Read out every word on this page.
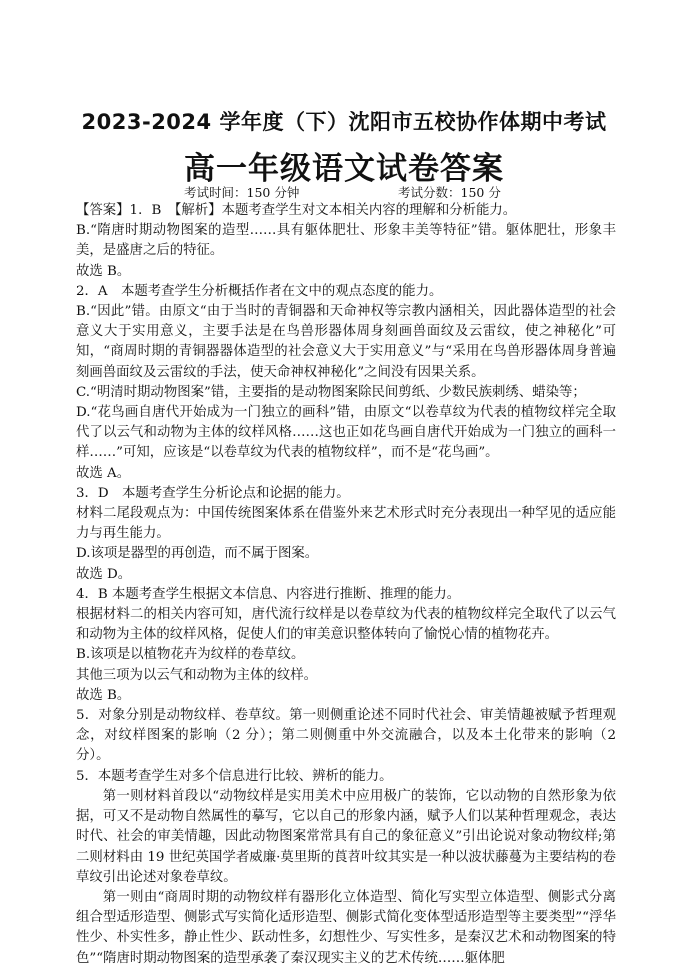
2023-2024 学年度（下）沈阳市五校协作体期中考试
高一年级语文试卷答案
考试时间：150 分钟	考试分数：150 分

【答案】1．B　【解析】本题考查学生对文本相关内容的理解和分析能力。

B.“隋唐时期动物图案的造型……具有躯体肥壮、形象丰美等特征”错。躯体肥壮，形象丰美，是盛唐之后的特征。

故选 B。

2．A　本题考查学生分析概括作者在文中的观点态度的能力。

B.“因此”错。由原文“由于当时的青铜器和天命神权等宗教内涵相关，因此器体造型的社会意义大于实用意义，主要手法是在鸟兽形器体周身刻画兽面纹及云雷纹，使之神秘化”可知，“商周时期的青铜器器体造型的社会意义大于实用意义”与“采用在鸟兽形器体周身普遍刻画兽面纹及云雷纹的手法，使天命神权神秘化”之间没有因果关系。

C.“明清时期动物图案”错，主要指的是动物图案除民间剪纸、少数民族刺绣、蜡染等；

D.“花鸟画自唐代开始成为一门独立的画科”错，由原文“以卷草纹为代表的植物纹样完全取代了以云气和动物为主体的纹样风格……这也正如花鸟画自唐代开始成为一门独立的画科一样……”可知，应该是“以卷草纹为代表的植物纹样”，而不是“花鸟画”。

故选 A。

3．D　本题考查学生分析论点和论据的能力。

材料二尾段观点为：中国传统图案体系在借鉴外来艺术形式时充分表现出一种罕见的适应能力与再生能力。

D.该项是器型的再创造，而不属于图案。

故选 D。

4．B 本题考查学生根据文本信息、内容进行推断、推理的能力。

根据材料二的相关内容可知，唐代流行纹样是以卷草纹为代表的植物纹样完全取代了以云气和动物为主体的纹样风格，促使人们的审美意识整体转向了愉悦心情的植物花卉。

B.该项是以植物花卉为纹样的卷草纹。

其他三项为以云气和动物为主体的纹样。

故选 B。

5．对象分别是动物纹样、卷草纹。第一则侧重论述不同时代社会、审美情趣被赋予哲理观念，对纹样图案的影响（2 分）；第二则侧重中外交流融合，以及本土化带来的影响（2分）。

5．本题考查学生对多个信息进行比较、辨析的能力。

第一则材料首段以“动物纹样是实用美术中应用极广的装饰，它以动物的自然形象为依据，可又不是动物自然属性的摹写，它以自己的形象内涵，赋予人们以某种哲理观念，表达时代、社会的审美情趣，因此动物图案常常具有自己的象征意义”引出论说对象动物纹样;第二则材料由 19 世纪英国学者威廉·莫里斯的莨苕叶纹其实是一种以波状藤蔓为主要结构的卷草纹引出论述对象卷草纹。

第一则由“商周时期的动物纹样有器形化立体造型、简化写实型立体造型、侧影式分离组合型适形造型、侧影式写实简化适形造型、侧影式简化变体型适形造型等主要类型”“浮华性少、朴实性多，静止性少、跃动性多，幻想性少、写实性多，是秦汉艺术和动物图案的特色”“隋唐时期动物图案的造型承袭了秦汉现实主义的艺术传统……躯体肥
